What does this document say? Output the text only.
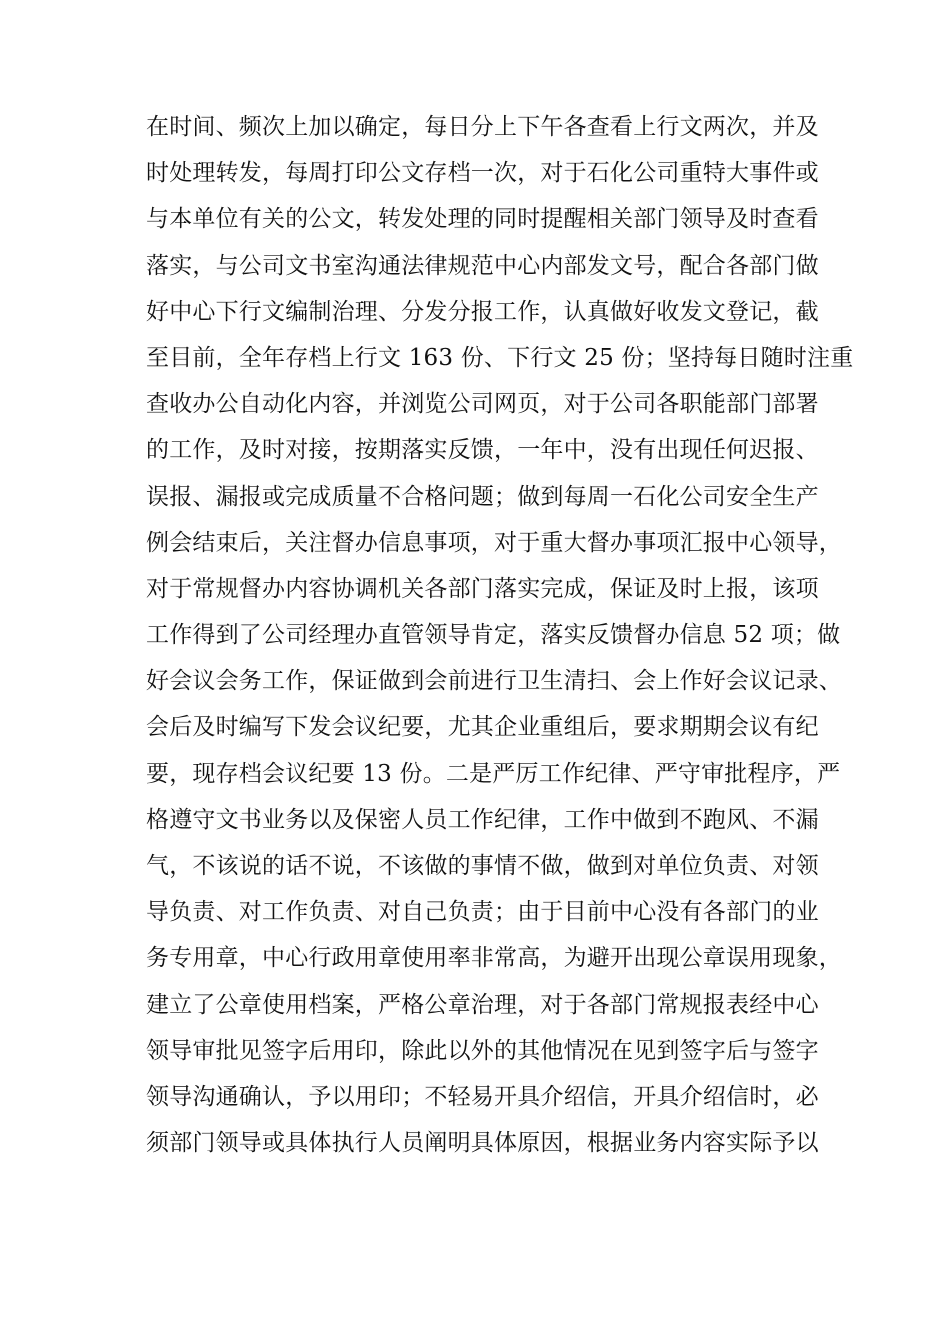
在时间、频次上加以确定，每日分上下午各查看上行文两次，并及
时处理转发，每周打印公文存档一次，对于石化公司重特大事件或
与本单位有关的公文，转发处理的同时提醒相关部门领导及时查看
落实，与公司文书室沟通法律规范中心内部发文号，配合各部门做
好中心下行文编制治理、分发分报工作，认真做好收发文登记，截
至目前，全年存档上行文 163 份、下行文 25 份；坚持每日随时注重
查收办公自动化内容，并浏览公司网页，对于公司各职能部门部署
的工作，及时对接，按期落实反馈，一年中，没有出现任何迟报、
误报、漏报或完成质量不合格问题；做到每周一石化公司安全生产
例会结束后，关注督办信息事项，对于重大督办事项汇报中心领导，
对于常规督办内容协调机关各部门落实完成，保证及时上报，该项
工作得到了公司经理办直管领导肯定，落实反馈督办信息 52 项；做
好会议会务工作，保证做到会前进行卫生清扫、会上作好会议记录、
会后及时编写下发会议纪要，尤其企业重组后，要求期期会议有纪
要，现存档会议纪要 13 份。二是严厉工作纪律、严守审批程序，严
格遵守文书业务以及保密人员工作纪律，工作中做到不跑风、不漏
气，不该说的话不说，不该做的事情不做，做到对单位负责、对领
导负责、对工作负责、对自己负责；由于目前中心没有各部门的业
务专用章，中心行政用章使用率非常高，为避开出现公章误用现象，
建立了公章使用档案，严格公章治理，对于各部门常规报表经中心
领导审批见签字后用印，除此以外的其他情况在见到签字后与签字
领导沟通确认，予以用印；不轻易开具介绍信，开具介绍信时，必
须部门领导或具体执行人员阐明具体原因，根据业务内容实际予以
